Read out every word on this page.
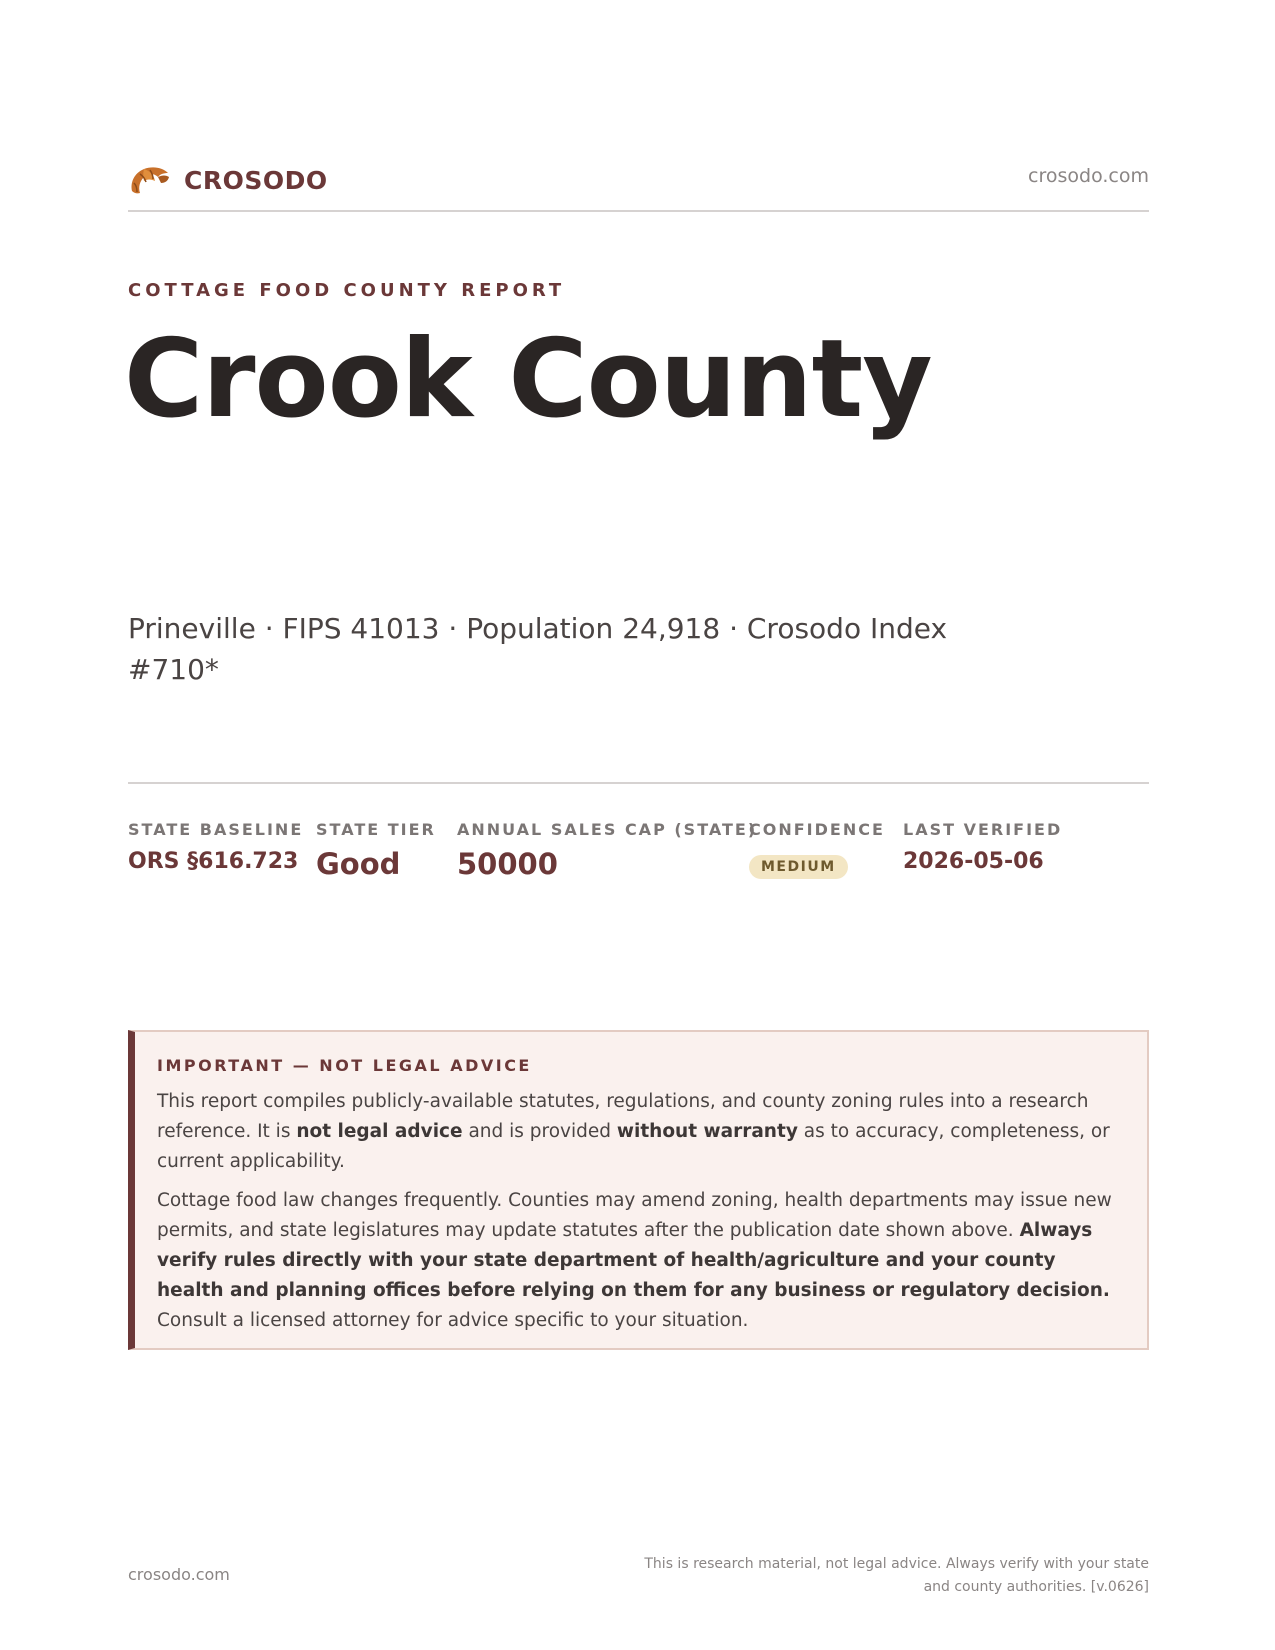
CROSODO	crosodo.com
COTTAGE FOOD COUNTY REPORT
Crook County
Prineville · FIPS 41013 · Population 24,918 · Crosodo Index #710*
STATE BASELINE
ORS §616.723
STATE TIER
Good
ANNUAL SALES CAP (STATE)
50000
CONFIDENCE
MEDIUM
LAST VERIFIED
2026-05-06
IMPORTANT — NOT LEGAL ADVICE

This report compiles publicly-available statutes, regulations, and county zoning rules into a research reference. It is not legal advice and is provided without warranty as to accuracy, completeness, or current applicability.

Cottage food law changes frequently. Counties may amend zoning, health departments may issue new permits, and state legislatures may update statutes after the publication date shown above. Always verify rules directly with your state department of health/agriculture and your county health and planning offices before relying on them for any business or regulatory decision. Consult a licensed attorney for advice specific to your situation.

crosodo.com
This is research material, not legal advice. Always verify with your state
and county authorities. [v.0626]
